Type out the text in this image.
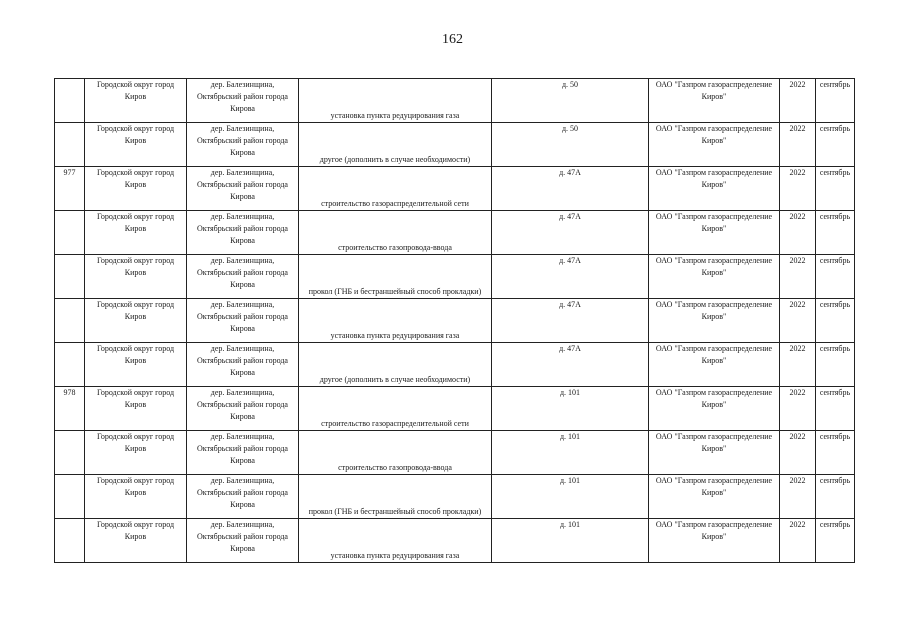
162
	Городской округ город Киров	дер. Балезинщина, Октябрьский район города Кирова	установка пункта редуцирования газа	д. 50	ОАО "Газпром газораспределение Киров"	2022	сентябрь
	Городской округ город Киров	дер. Балезинщина, Октябрьский район города Кирова	другое (дополнить в случае необходимости)	д. 50	ОАО "Газпром газораспределение Киров"	2022	сентябрь
977	Городской округ город Киров	дер. Балезинщина, Октябрьский район города Кирова	строительство газораспределительной сети	д. 47А	ОАО "Газпром газораспределение Киров"	2022	сентябрь
	Городской округ город Киров	дер. Балезинщина, Октябрьский район города Кирова	строительство газопровода-ввода	д. 47А	ОАО "Газпром газораспределение Киров"	2022	сентябрь
	Городской округ город Киров	дер. Балезинщина, Октябрьский район города Кирова	прокол (ГНБ и бестраншейный способ прокладки)	д. 47А	ОАО "Газпром газораспределение Киров"	2022	сентябрь
	Городской округ город Киров	дер. Балезинщина, Октябрьский район города Кирова	установка пункта редуцирования газа	д. 47А	ОАО "Газпром газораспределение Киров"	2022	сентябрь
	Городской округ город Киров	дер. Балезинщина, Октябрьский район города Кирова	другое (дополнить в случае необходимости)	д. 47А	ОАО "Газпром газораспределение Киров"	2022	сентябрь
978	Городской округ город Киров	дер. Балезинщина, Октябрьский район города Кирова	строительство газораспределительной сети	д. 101	ОАО "Газпром газораспределение Киров"	2022	сентябрь
	Городской округ город Киров	дер. Балезинщина, Октябрьский район города Кирова	строительство газопровода-ввода	д. 101	ОАО "Газпром газораспределение Киров"	2022	сентябрь
	Городской округ город Киров	дер. Балезинщина, Октябрьский район города Кирова	прокол (ГНБ и бестраншейный способ прокладки)	д. 101	ОАО "Газпром газораспределение Киров"	2022	сентябрь
	Городской округ город Киров	дер. Балезинщина, Октябрьский район города Кирова	установка пункта редуцирования газа	д. 101	ОАО "Газпром газораспределение Киров"	2022	сентябрь
